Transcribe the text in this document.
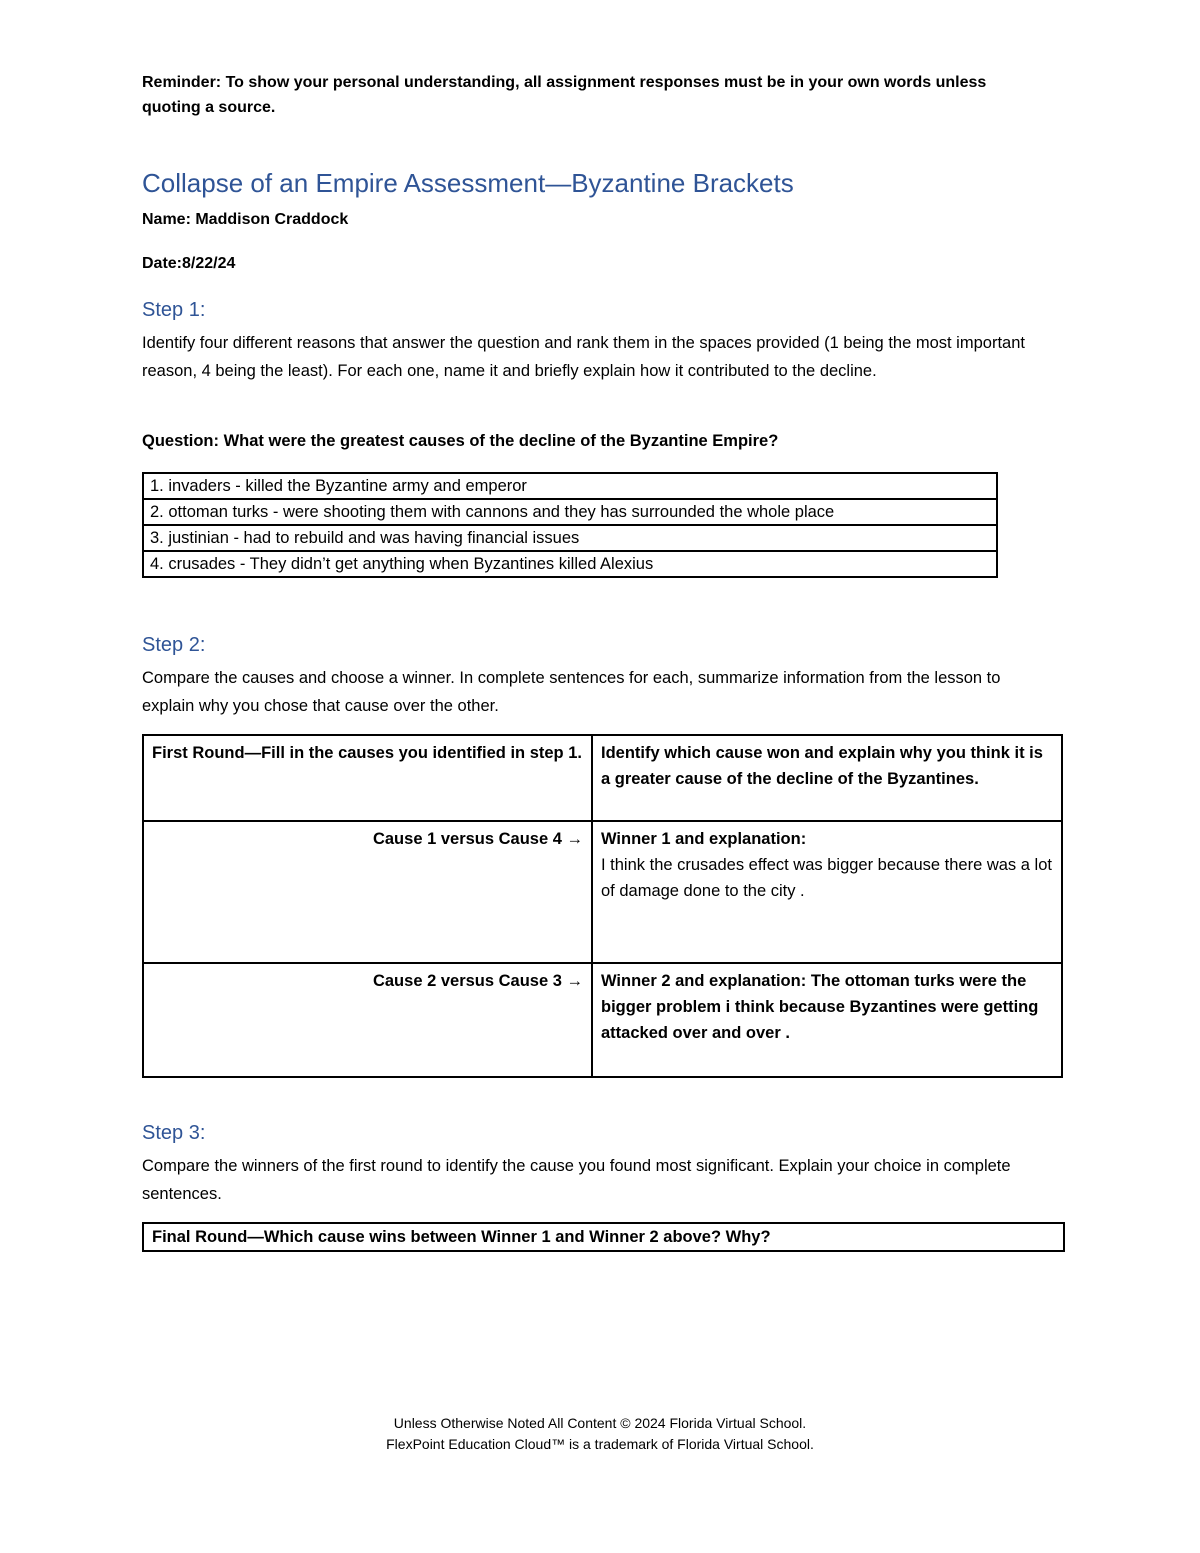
Reminder: To show your personal understanding, all assignment responses must be in your own words unless quoting a source.
Collapse of an Empire Assessment—Byzantine Brackets
Name: Maddison Craddock
Date:8/22/24
Step 1:
Identify four different reasons that answer the question and rank them in the spaces provided (1 being the most important reason, 4 being the least). For each one, name it and briefly explain how it contributed to the decline.
Question: What were the greatest causes of the decline of the Byzantine Empire?
1. invaders - killed the Byzantine army and emperor
2. ottoman turks - were shooting them with cannons and they has surrounded the whole place
3. justinian - had to rebuild and was having financial issues
4. crusades - They didn’t get anything when Byzantines killed Alexius
Step 2:
Compare the causes and choose a winner. In complete sentences for each, summarize information from the lesson to explain why you chose that cause over the other.
First Round—Fill in the causes you identified in step 1.	Identify which cause won and explain why you think it is a greater cause of the decline of the Byzantines.
Cause 1 versus Cause 4 →	Winner 1 and explanation:
I think the crusades effect was bigger because there was a lot of damage done to the city .

Cause 2 versus Cause 3 →	Winner 2 and explanation: The ottoman turks were the bigger problem i think because Byzantines were getting attacked over and over .
Step 3:
Compare the winners of the first round to identify the cause you found most significant. Explain your choice in complete sentences.
Final Round—Which cause wins between Winner 1 and Winner 2 above? Why?
Unless Otherwise Noted All Content © 2024 Florida Virtual School.
FlexPoint Education Cloud™ is a trademark of Florida Virtual School.
